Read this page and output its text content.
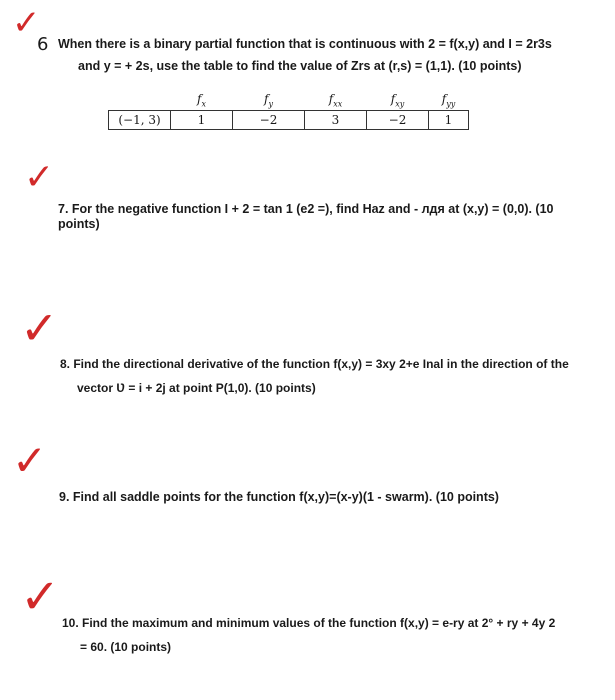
✓
6
✓
✓
✓
✓
When there is a binary partial function that is continuous with 2 = f(x,y) and I = 2r3s
and y = + 2s, use the table to find the value of Zrs at (r,s) = (1,1). (10 points)
	$f_x$	$f_y$	$f_{xx}$	$f_{xy}$	$f_{yy}$
(−1, 3)	1	−2	3	−2	1
7. For the negative function I + 2 = tan 1 (e2 =), find Haz and - лдя at (x,y) = (0,0). (10
points)
8. Find the directional derivative of the function f(x,y) = 3xy 2+e Inal in the direction of the
vector Ʋ = i + 2j at point P(1,0). (10 points)
9. Find all saddle points for the function f(x,y)=(x-y)(1 - swarm). (10 points)
10. Find the maximum and minimum values of the function f(x,y) = e-ry at 2° + ry + 4y 2
= 60. (10 points)
